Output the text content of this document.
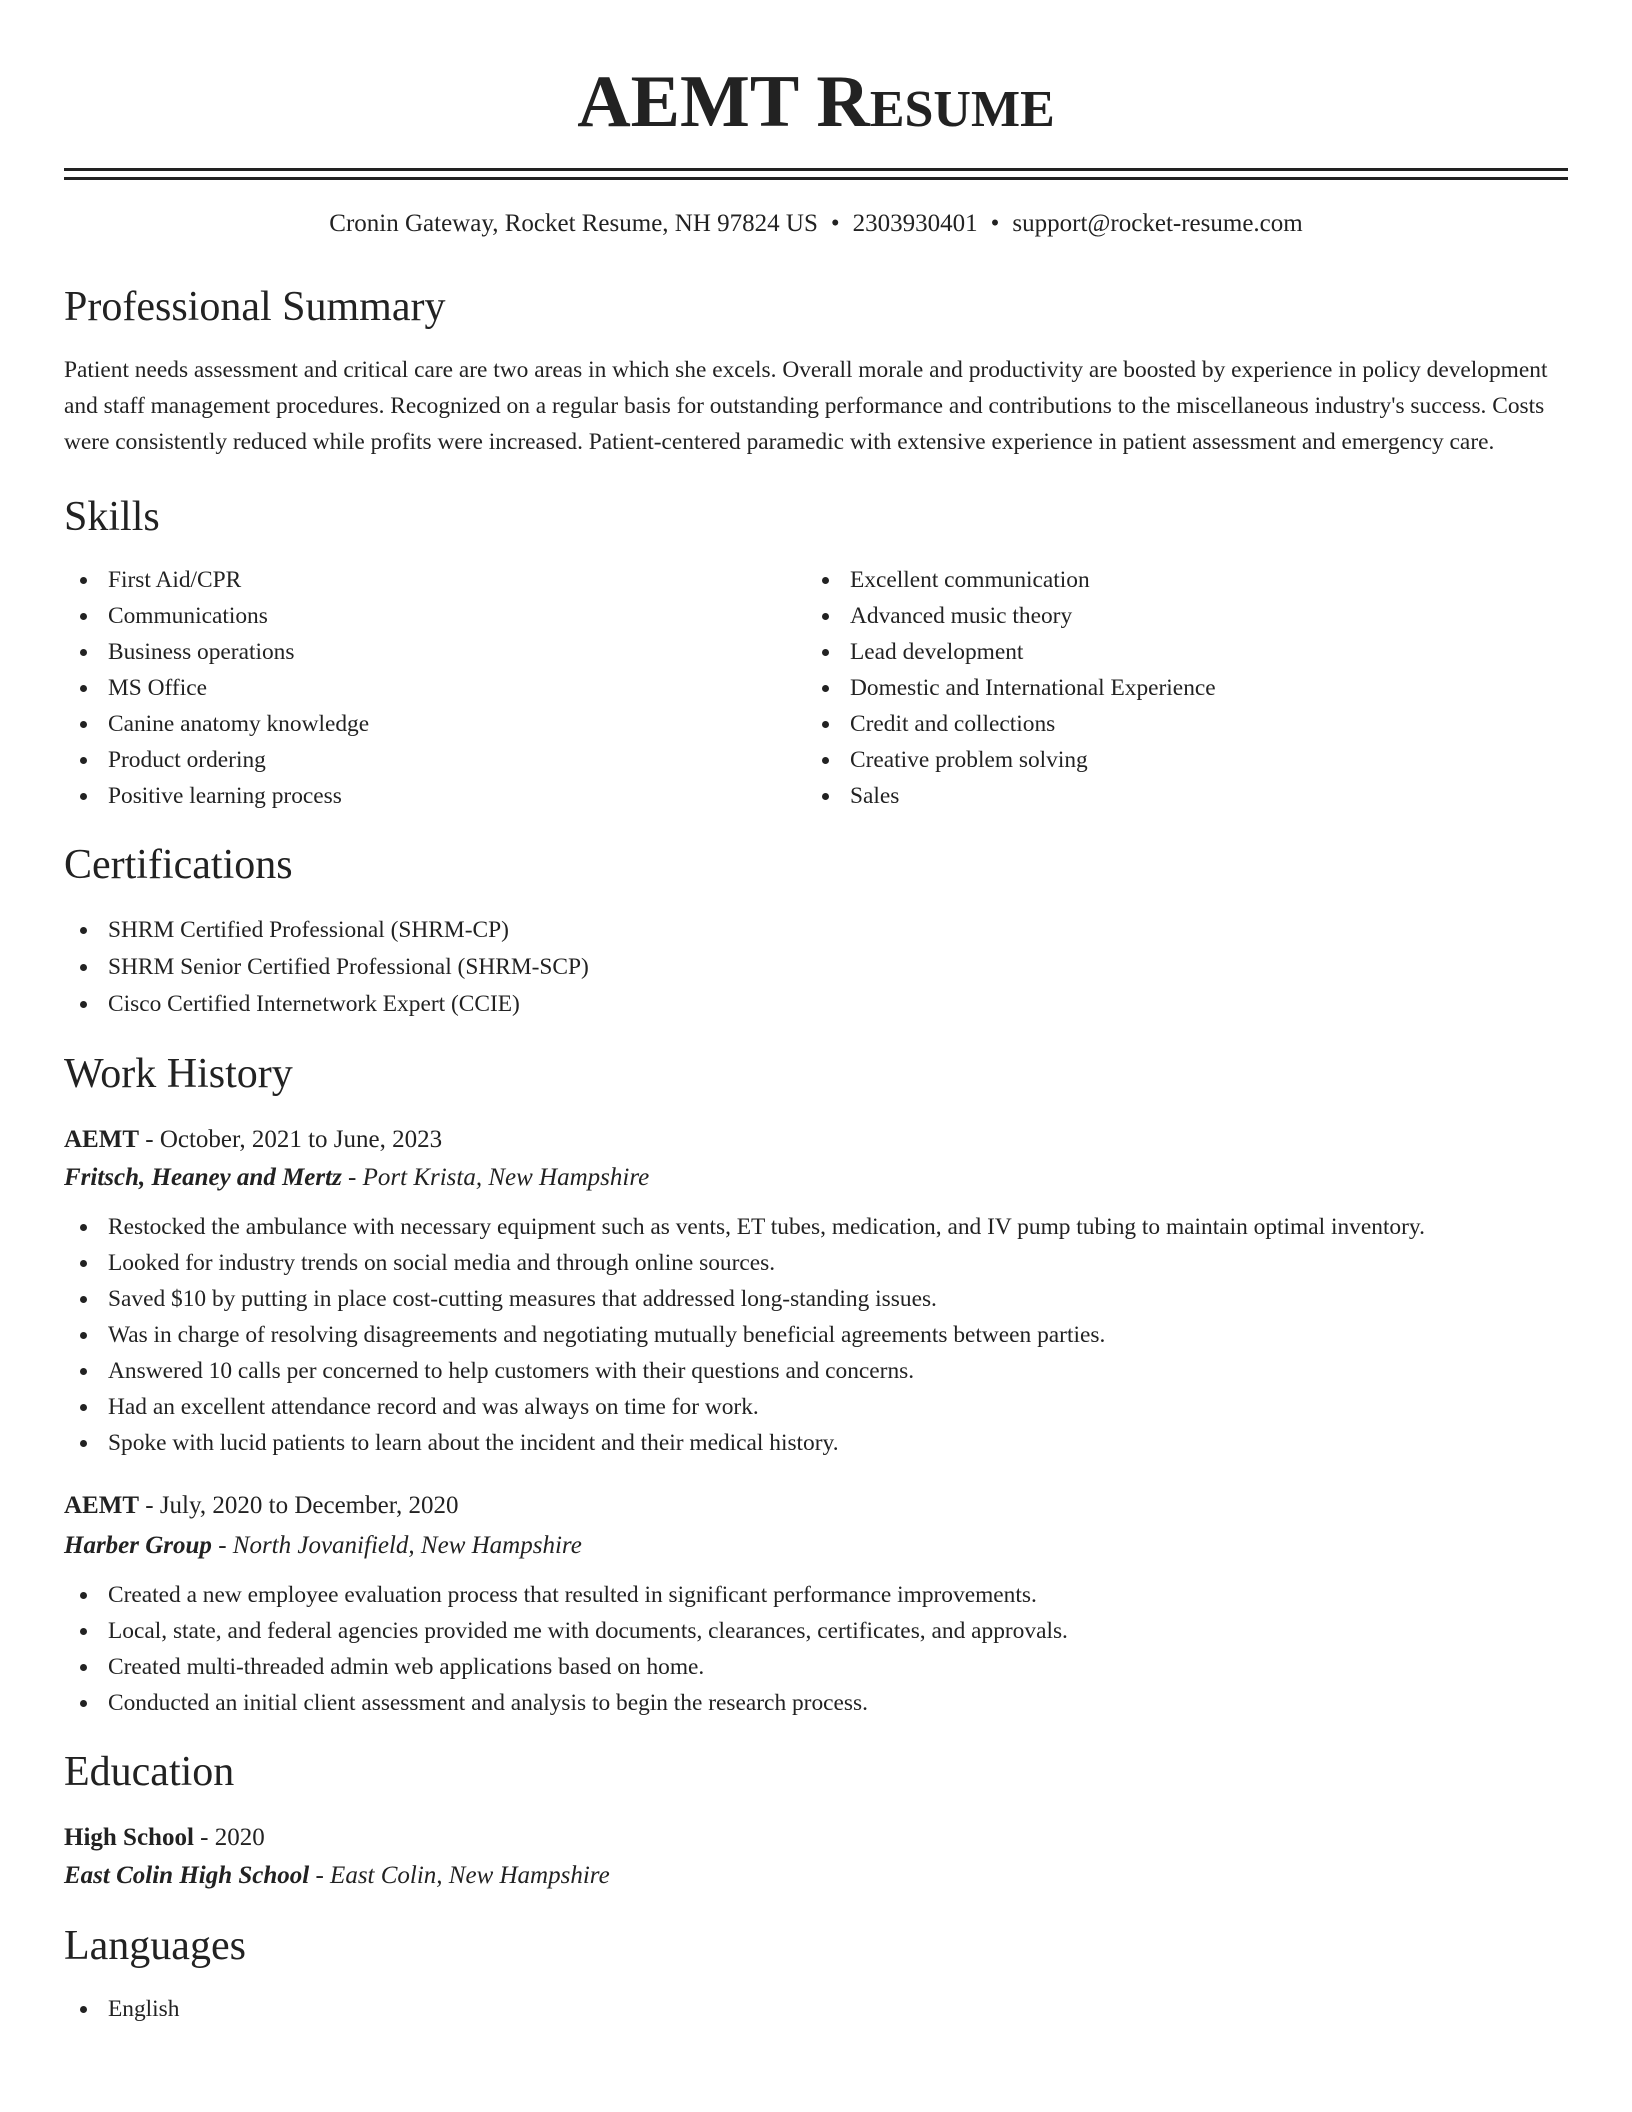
AEMT Resume
Cronin Gateway, Rocket Resume, NH 97824 US • 2303930401 • support@rocket-resume.com
Professional Summary
Patient needs assessment and critical care are two areas in which she excels. Overall morale and productivity are boosted by experience in policy development and staff management procedures. Recognized on a regular basis for outstanding performance and contributions to the miscellaneous industry's success. Costs were consistently reduced while profits were increased. Patient-centered paramedic with extensive experience in patient assessment and emergency care.
Skills
First Aid/CPR
Communications
Business operations
MS Office
Canine anatomy knowledge
Product ordering
Positive learning process
Excellent communication
Advanced music theory
Lead development
Domestic and International Experience
Credit and collections
Creative problem solving
Sales
Certifications
SHRM Certified Professional (SHRM-CP)
SHRM Senior Certified Professional (SHRM-SCP)
Cisco Certified Internetwork Expert (CCIE)
Work History
AEMT - October, 2021 to June, 2023
Fritsch, Heaney and Mertz - Port Krista, New Hampshire
Restocked the ambulance with necessary equipment such as vents, ET tubes, medication, and IV pump tubing to maintain optimal inventory.
Looked for industry trends on social media and through online sources.
Saved $10 by putting in place cost-cutting measures that addressed long-standing issues.
Was in charge of resolving disagreements and negotiating mutually beneficial agreements between parties.
Answered 10 calls per concerned to help customers with their questions and concerns.
Had an excellent attendance record and was always on time for work.
Spoke with lucid patients to learn about the incident and their medical history.
AEMT - July, 2020 to December, 2020
Harber Group - North Jovanifield, New Hampshire
Created a new employee evaluation process that resulted in significant performance improvements.
Local, state, and federal agencies provided me with documents, clearances, certificates, and approvals.
Created multi-threaded admin web applications based on home.
Conducted an initial client assessment and analysis to begin the research process.
Education
High School - 2020
East Colin High School - East Colin, New Hampshire
Languages
English
